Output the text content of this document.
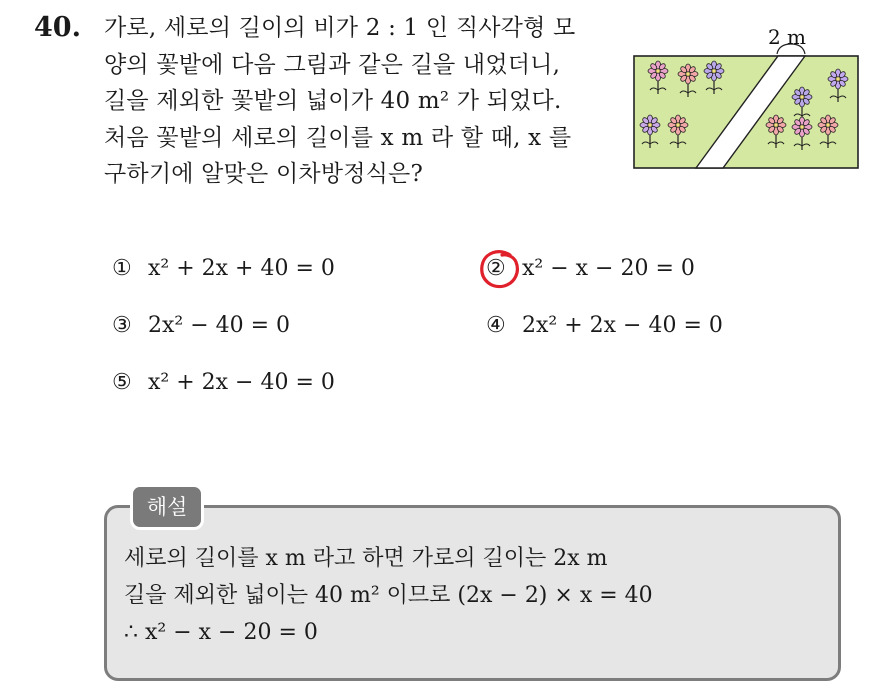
40. 가로, 세로의 길이의 비가 2 : 1 인 직사각형 모
양의 꽃밭에 다음 그림과 같은 길을 내었더니,
길을 제외한 꽃밭의 넓이가 40 m² 가 되었다.
처음 꽃밭의 세로의 길이를 x m 라 할 때, x 를
구하기에 알맞은 이차방정식은?
2 m
① x² + 2x + 40 = 0	② x² − x − 20 = 0
③ 2x² − 40 = 0	④ 2x² + 2x − 40 = 0
⑤ x² + 2x − 40 = 0
해설
세로의 길이를 x m 라고 하면 가로의 길이는 2x m
길을 제외한 넓이는 40 m² 이므로 (2x − 2) × x = 40
∴ x² − x − 20 = 0
